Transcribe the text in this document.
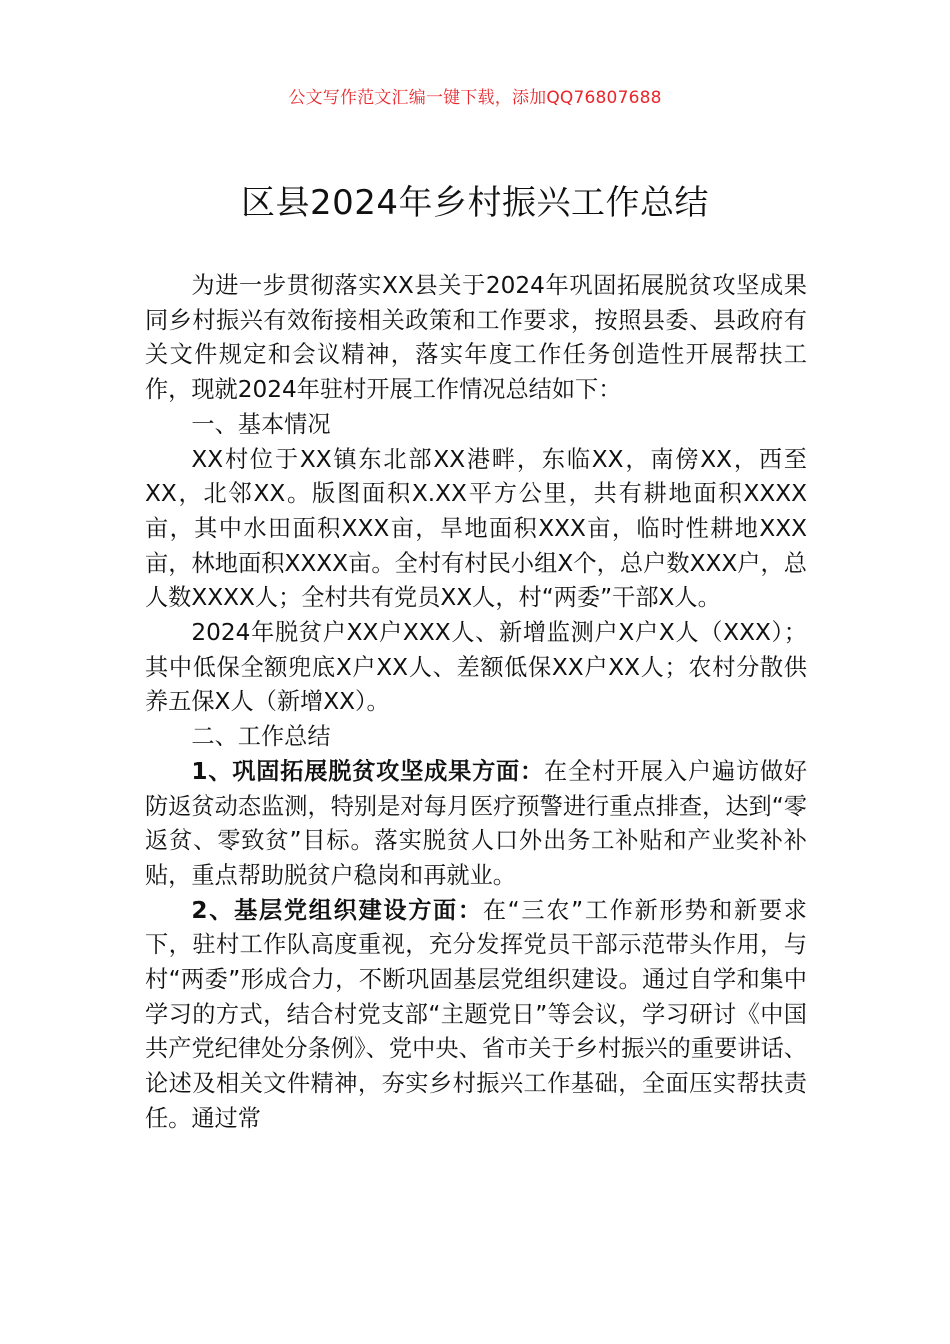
公文写作范文汇编一键下载，添加QQ76807688
区县2024年乡村振兴工作总结

为进一步贯彻落实XX县关于2024年巩固拓展脱贫攻坚成果同乡村振兴有效衔接相关政策和工作要求，按照县委、县政府有关文件规定和会议精神，落实年度工作任务创造性开展帮扶工作，现就2024年驻村开展工作情况总结如下：

一、基本情况

XX村位于XX镇东北部XX港畔，东临XX，南傍XX，西至XX，北邻XX。版图面积X.XX平方公里，共有耕地面积XXXX亩，其中水田面积XXX亩，旱地面积XXX亩，临时性耕地XXX亩，林地面积XXXX亩。全村有村民小组X个，总户数XXX户，总人数XXXX人；全村共有党员XX人，村“两委”干部X人。

2024年脱贫户XX户XXX人、新增监测户X户X人（XXX）；其中低保全额兜底X户XX人、差额低保XX户XX人；农村分散供养五保X人（新增XX）。

二、工作总结

1、巩固拓展脱贫攻坚成果方面：在全村开展入户遍访做好防返贫动态监测，特别是对每月医疗预警进行重点排查，达到“零返贫、零致贫”目标。落实脱贫人口外出务工补贴和产业奖补补贴，重点帮助脱贫户稳岗和再就业。

2、基层党组织建设方面：在“三农”工作新形势和新要求下，驻村工作队高度重视，充分发挥党员干部示范带头作用，与村“两委”形成合力，不断巩固基层党组织建设。通过自学和集中学习的方式，结合村党支部“主题党日”等会议，学习研讨《中国共产党纪律处分条例》、党中央、省市关于乡村振兴的重要讲话、论述及相关文件精神，夯实乡村振兴工作基础，全面压实帮扶责任。通过常
